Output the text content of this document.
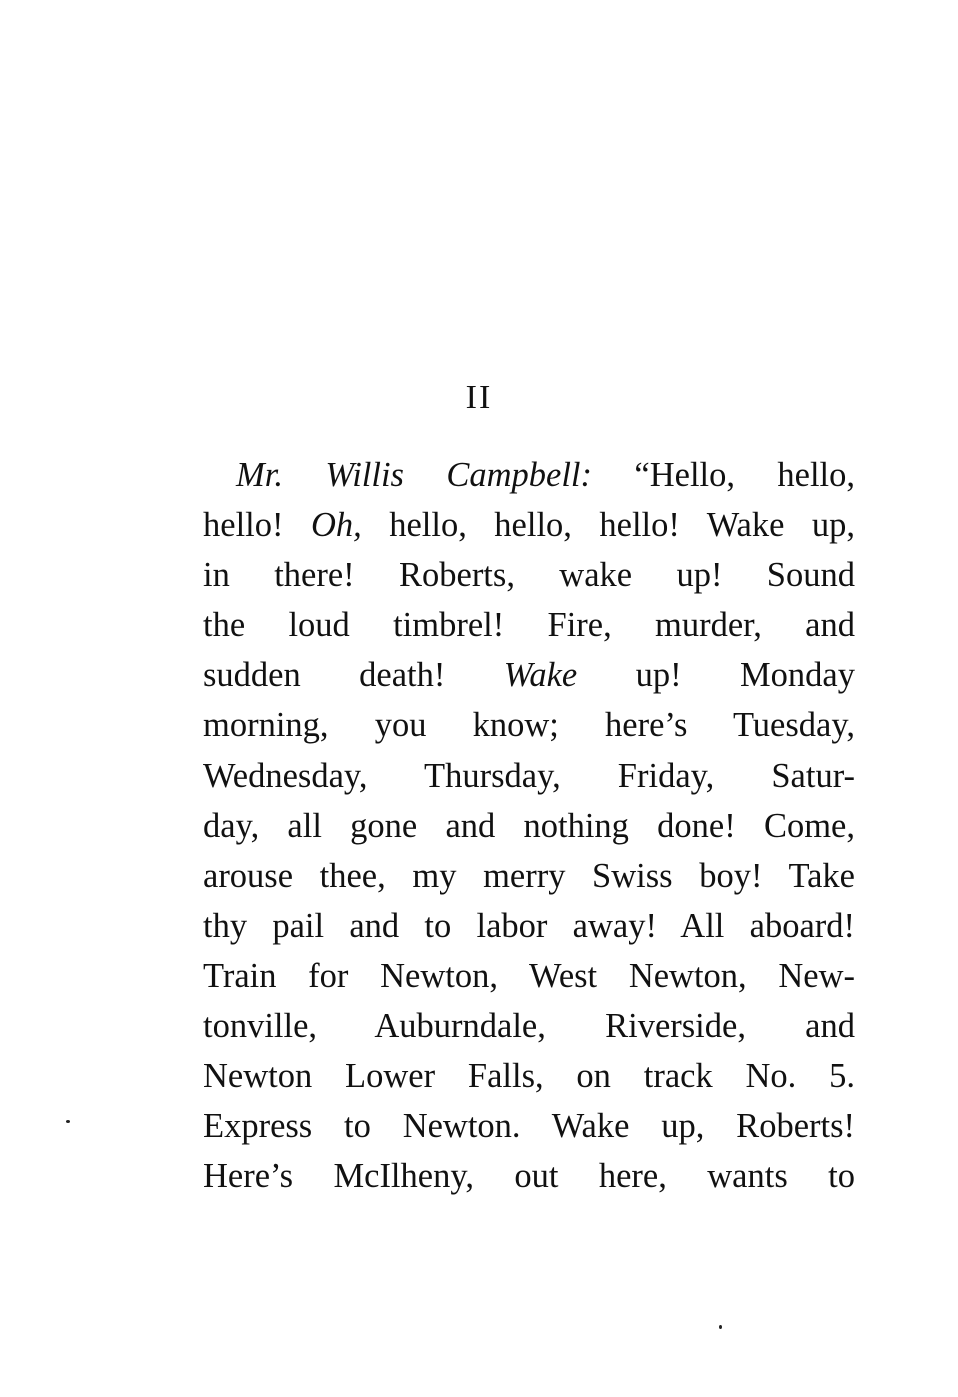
II
Mr. Willis Campbell: “Hello, hello,
hello! Oh, hello, hello, hello! Wake up,
in there! Roberts, wake up! Sound
the loud timbrel! Fire, murder, and
sudden death! Wake up! Monday
morning, you know; here’s Tuesday,
Wednesday, Thursday, Friday, Satur-
day, all gone and nothing done! Come,
arouse thee, my merry Swiss boy! Take
thy pail and to labor away! All aboard!
Train for Newton, West Newton, New-
tonville, Auburndale, Riverside, and
Newton Lower Falls, on track No. 5.
Express to Newton. Wake up, Roberts!
Here’s McIlheny, out here, wants to
